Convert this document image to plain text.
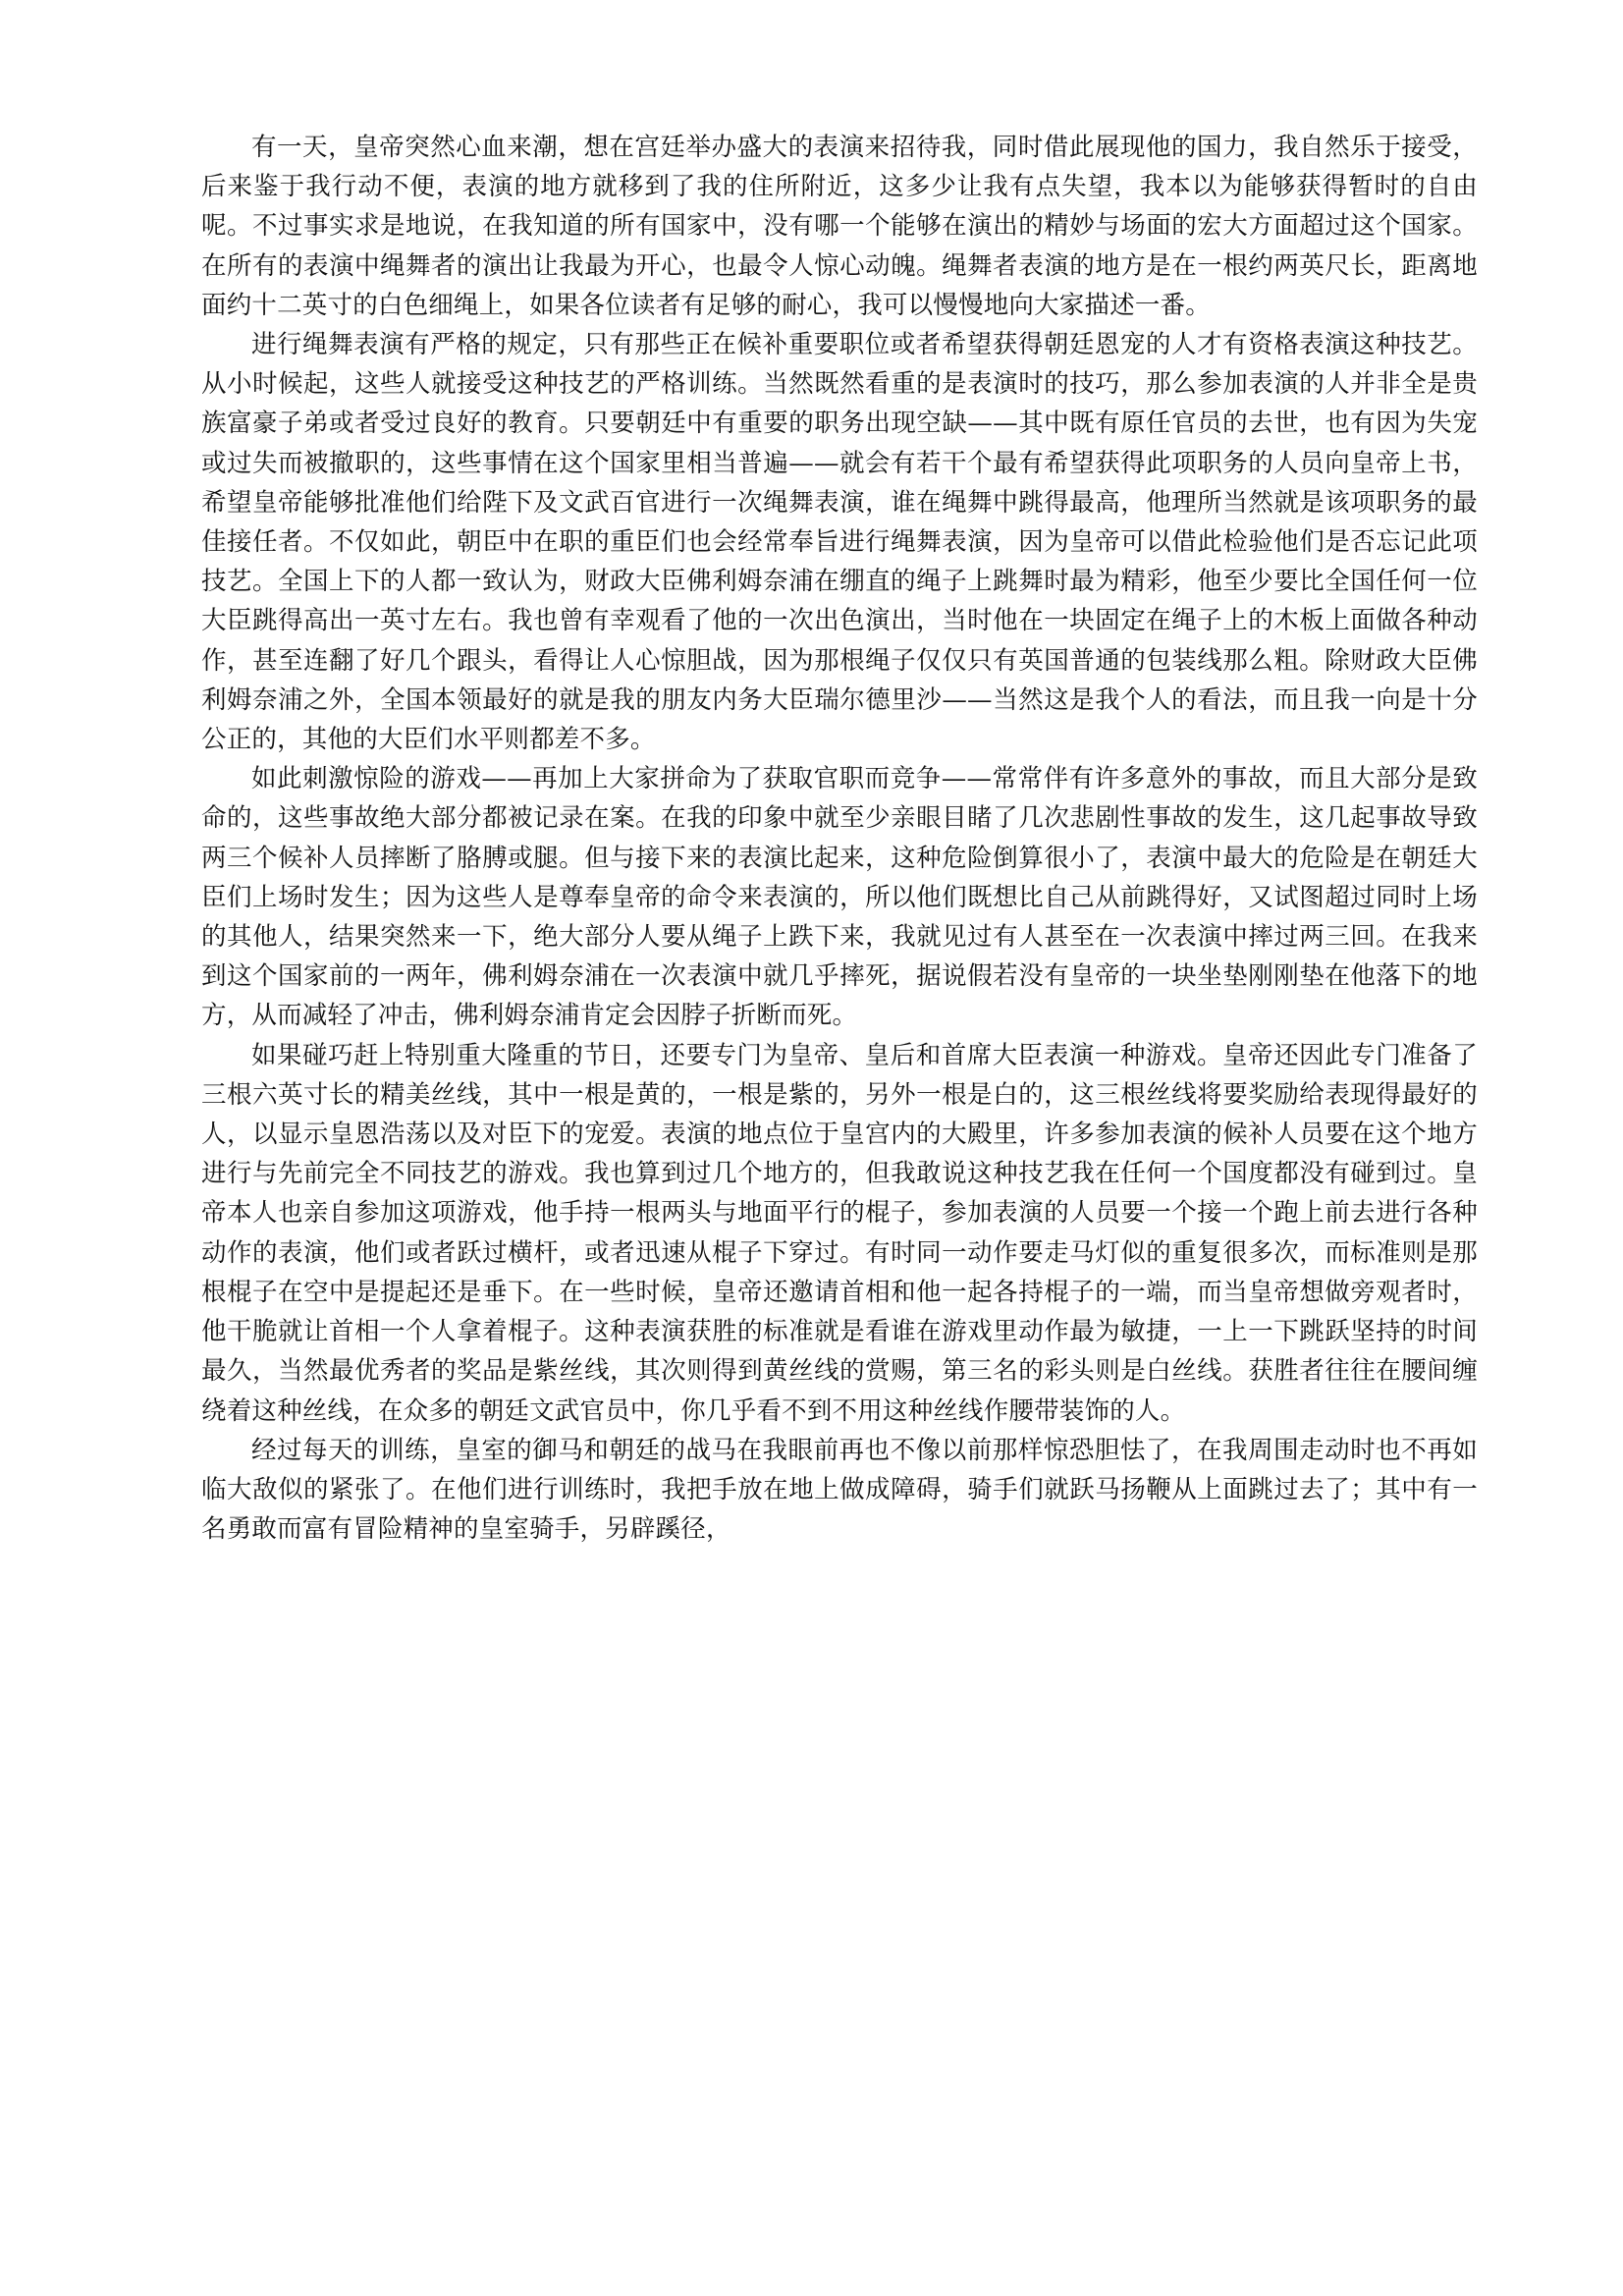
有一天，皇帝突然心血来潮，想在宫廷举办盛大的表演来招待我，同时借此展现他的国力，我自然乐于接受，后来鉴于我行动不便，表演的地方就移到了我的住所附近，这多少让我有点失望，我本以为能够获得暂时的自由呢。不过事实求是地说，在我知道的所有国家中，没有哪一个能够在演出的精妙与场面的宏大方面超过这个国家。在所有的表演中绳舞者的演出让我最为开心，也最令人惊心动魄。绳舞者表演的地方是在一根约两英尺长，距离地面约十二英寸的白色细绳上，如果各位读者有足够的耐心，我可以慢慢地向大家描述一番。

进行绳舞表演有严格的规定，只有那些正在候补重要职位或者希望获得朝廷恩宠的人才有资格表演这种技艺。从小时候起，这些人就接受这种技艺的严格训练。当然既然看重的是表演时的技巧，那么参加表演的人并非全是贵族富豪子弟或者受过良好的教育。只要朝廷中有重要的职务出现空缺——其中既有原任官员的去世，也有因为失宠或过失而被撤职的，这些事情在这个国家里相当普遍——就会有若干个最有希望获得此项职务的人员向皇帝上书，希望皇帝能够批准他们给陛下及文武百官进行一次绳舞表演，谁在绳舞中跳得最高，他理所当然就是该项职务的最佳接任者。不仅如此，朝臣中在职的重臣们也会经常奉旨进行绳舞表演，因为皇帝可以借此检验他们是否忘记此项技艺。全国上下的人都一致认为，财政大臣佛利姆奈浦在绷直的绳子上跳舞时最为精彩，他至少要比全国任何一位大臣跳得高出一英寸左右。我也曾有幸观看了他的一次出色演出，当时他在一块固定在绳子上的木板上面做各种动作，甚至连翻了好几个跟头，看得让人心惊胆战，因为那根绳子仅仅只有英国普通的包装线那么粗。除财政大臣佛利姆奈浦之外，全国本领最好的就是我的朋友内务大臣瑞尔德里沙——当然这是我个人的看法，而且我一向是十分公正的，其他的大臣们水平则都差不多。

如此刺激惊险的游戏——再加上大家拼命为了获取官职而竞争——常常伴有许多意外的事故，而且大部分是致命的，这些事故绝大部分都被记录在案。在我的印象中就至少亲眼目睹了几次悲剧性事故的发生，这几起事故导致两三个候补人员摔断了胳膊或腿。但与接下来的表演比起来，这种危险倒算很小了，表演中最大的危险是在朝廷大臣们上场时发生；因为这些人是尊奉皇帝的命令来表演的，所以他们既想比自己从前跳得好，又试图超过同时上场的其他人，结果突然来一下，绝大部分人要从绳子上跌下来，我就见过有人甚至在一次表演中摔过两三回。在我来到这个国家前的一两年，佛利姆奈浦在一次表演中就几乎摔死，据说假若没有皇帝的一块坐垫刚刚垫在他落下的地方，从而减轻了冲击，佛利姆奈浦肯定会因脖子折断而死。

如果碰巧赶上特别重大隆重的节日，还要专门为皇帝、皇后和首席大臣表演一种游戏。皇帝还因此专门准备了三根六英寸长的精美丝线，其中一根是黄的，一根是紫的，另外一根是白的，这三根丝线将要奖励给表现得最好的人，以显示皇恩浩荡以及对臣下的宠爱。表演的地点位于皇宫内的大殿里，许多参加表演的候补人员要在这个地方进行与先前完全不同技艺的游戏。我也算到过几个地方的，但我敢说这种技艺我在任何一个国度都没有碰到过。皇帝本人也亲自参加这项游戏，他手持一根两头与地面平行的棍子，参加表演的人员要一个接一个跑上前去进行各种动作的表演，他们或者跃过横杆，或者迅速从棍子下穿过。有时同一动作要走马灯似的重复很多次，而标准则是那根棍子在空中是提起还是垂下。在一些时候，皇帝还邀请首相和他一起各持棍子的一端，而当皇帝想做旁观者时，他干脆就让首相一个人拿着棍子。这种表演获胜的标准就是看谁在游戏里动作最为敏捷，一上一下跳跃坚持的时间最久，当然最优秀者的奖品是紫丝线，其次则得到黄丝线的赏赐，第三名的彩头则是白丝线。获胜者往往在腰间缠绕着这种丝线，在众多的朝廷文武官员中，你几乎看不到不用这种丝线作腰带装饰的人。

经过每天的训练，皇室的御马和朝廷的战马在我眼前再也不像以前那样惊恐胆怯了，在我周围走动时也不再如临大敌似的紧张了。在他们进行训练时，我把手放在地上做成障碍，骑手们就跃马扬鞭从上面跳过去了；其中有一名勇敢而富有冒险精神的皇室骑手，另辟蹊径，
